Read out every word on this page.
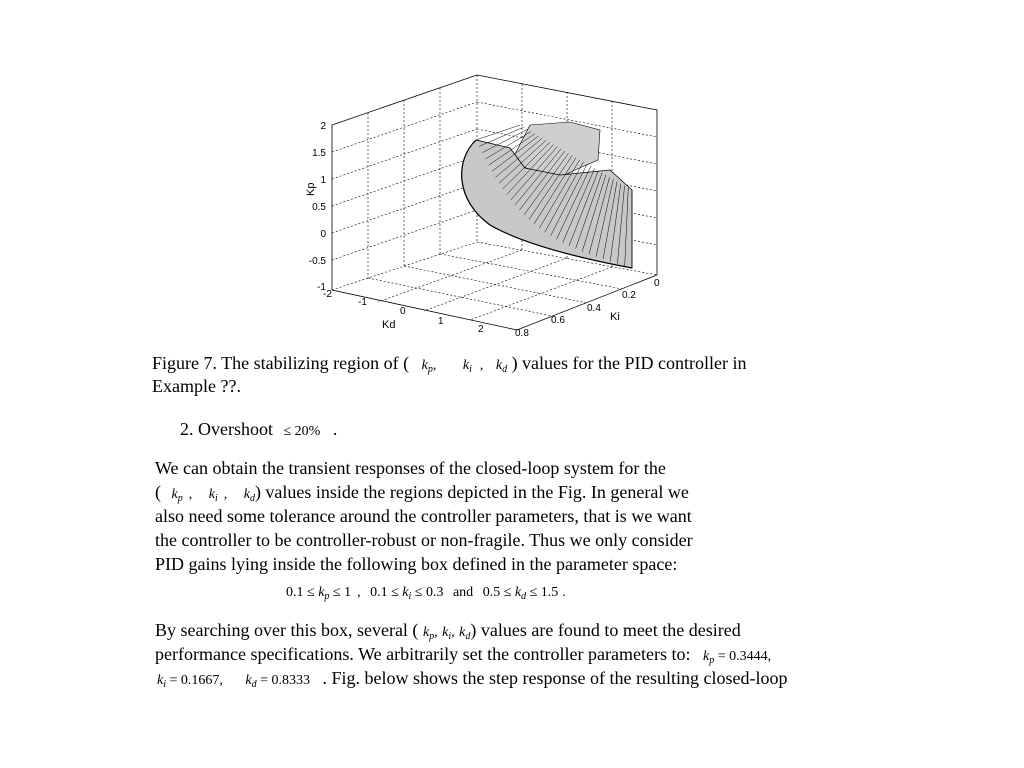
2
1.5
1
0.5
0
-0.5
-1
Kp
-2
-1
0
1
2
Kd
0
0.2
0.4
0.6
0.8
Ki
Figure 7. The stabilizing region of ( $k_p$, $k_i$ , $k_d$ ) values for the PID controller in
Example ??.
2. Overshoot ≤ 20% .
We can obtain the transient responses of the closed-loop system for the
( $k_p$ , $k_i$ , $k_d$) values inside the regions depicted in the Fig. In general we
also need some tolerance around the controller parameters, that is we want
the controller to be controller-robust or non-fragile. Thus we only consider
PID gains lying inside the following box defined in the parameter space:
$0.1 \le k_p \le 1$ , $0.1 \le k_i \le 0.3$ and $0.5 \le k_d \le 1.5$ .
By searching over this box, several ( $k_p$, $k_i$, $k_d$) values are found to meet the desired
performance specifications. We arbitrarily set the controller parameters to: $k_p = 0.3444$,
$k_i = 0.1667$, $k_d = 0.8333$ . Fig. below shows the step response of the resulting closed-loop
